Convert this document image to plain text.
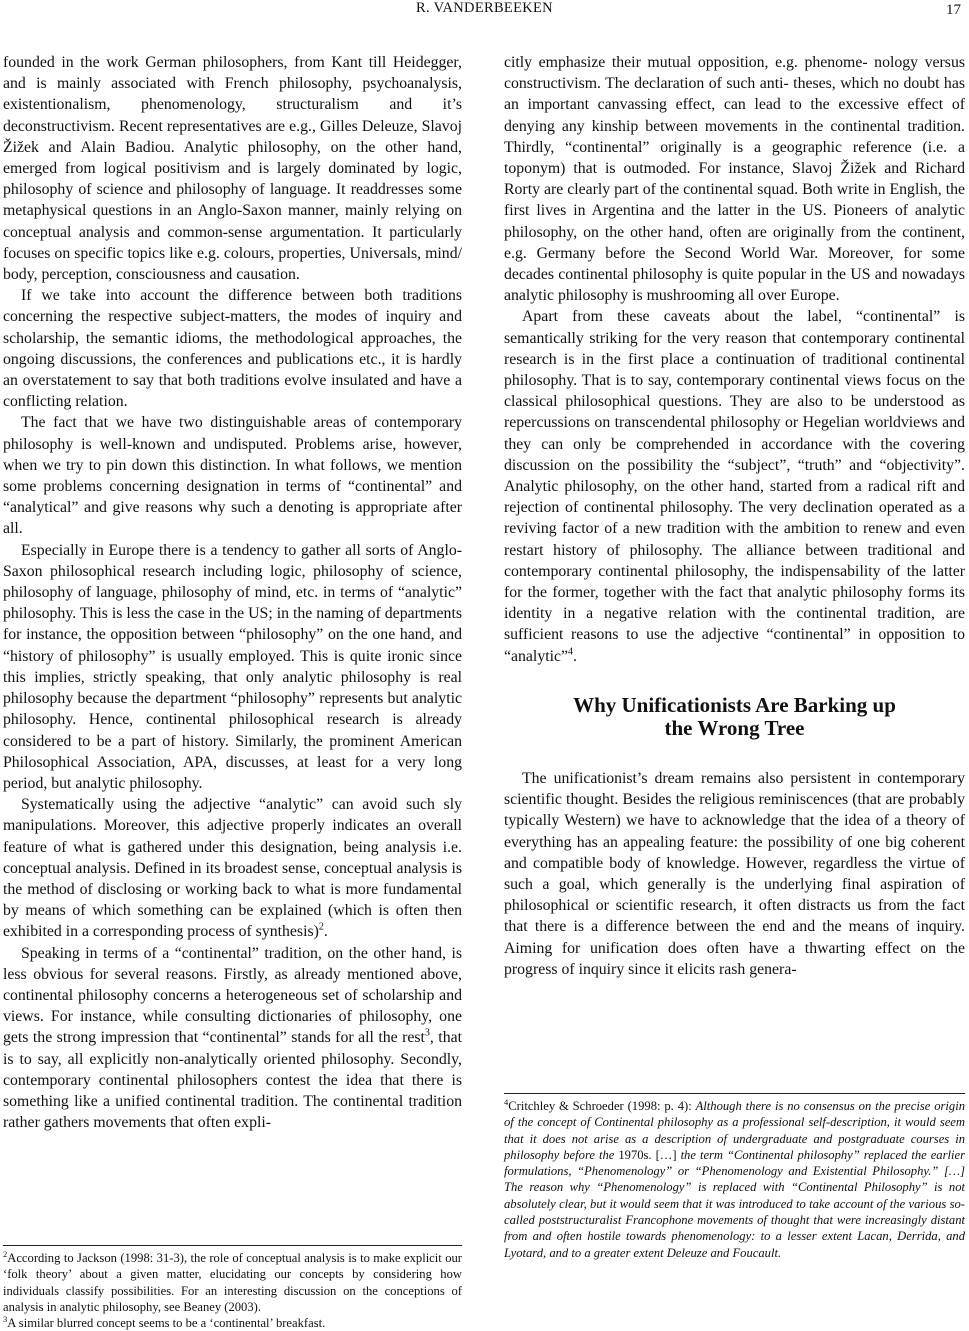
R. VANDERBEEKEN	17

founded in the work German philosophers, from Kant till Heidegger, and is mainly associated with French philosophy, psychoanalysis, existentionalism, phenomenology, structuralism and it’s deconstructivism. Recent representatives are e.g., Gilles Deleuze, Slavoj Žižek and Alain Badiou. Analytic philosophy, on the other hand, emerged from logical positivism and is largely dominated by logic, philosophy of science and philosophy of language. It readdresses some metaphysical questions in an Anglo-Saxon manner, mainly relying on conceptual analysis and common-sense argumentation. It particularly focuses on specific topics like e.g. colours, properties, Universals, mind/ body, perception, consciousness and causation.

If we take into account the difference between both traditions concerning the respective subject-matters, the modes of inquiry and scholarship, the semantic idioms, the methodological approaches, the ongoing discussions, the conferences and publications etc., it is hardly an overstatement to say that both traditions evolve insulated and have a conflicting relation.

The fact that we have two distinguishable areas of contemporary philosophy is well-known and undisputed. Problems arise, however, when we try to pin down this distinction. In what follows, we mention some problems concerning designation in terms of “continental” and “analytical” and give reasons why such a denoting is appropriate after all.

Especially in Europe there is a tendency to gather all sorts of Anglo-Saxon philosophical research including logic, philosophy of science, philosophy of language, philosophy of mind, etc. in terms of “analytic” philosophy. This is less the case in the US; in the naming of departments for instance, the opposition between “philosophy” on the one hand, and “history of philosophy” is usually employed. This is quite ironic since this implies, strictly speaking, that only analytic philosophy is real philosophy because the department “philosophy” represents but analytic philosophy. Hence, continental philosophical research is already considered to be a part of history. Similarly, the prominent American Philosophical Association, APA, discusses, at least for a very long period, but analytic philosophy.

Systematically using the adjective “analytic” can avoid such sly manipulations. Moreover, this adjective properly indicates an overall feature of what is gathered under this designation, being analysis i.e. conceptual analysis. Defined in its broadest sense, conceptual analysis is the method of disclosing or working back to what is more fundamental by means of which something can be explained (which is often then exhibited in a corresponding process of synthesis)$^2$.

Speaking in terms of a “continental” tradition, on the other hand, is less obvious for several reasons. Firstly, as already mentioned above, continental philosophy concerns a heterogeneous set of scholarship and views. For instance, while consulting dictionaries of philosophy, one gets the strong impression that “continental” stands for all the rest$^3$, that is to say, all explicitly non-analytically oriented philosophy. Secondly, contemporary continental philosophers contest the idea that there is something like a unified continental tradition. The continental tradition rather gathers movements that often expli-

citly emphasize their mutual opposition, e.g. phenome- nology versus constructivism. The declaration of such anti- theses, which no doubt has an important canvassing effect, can lead to the excessive effect of denying any kinship between movements in the continental tradition. Thirdly, “continental” originally is a geographic reference (i.e. a toponym) that is outmoded. For instance, Slavoj Žižek and Richard Rorty are clearly part of the continental squad. Both write in English, the first lives in Argentina and the latter in the US. Pioneers of analytic philosophy, on the other hand, often are originally from the continent, e.g. Germany before the Second World War. Moreover, for some decades continental philosophy is quite popular in the US and nowadays analytic philosophy is mushrooming all over Europe.

Apart from these caveats about the label, “continental” is semantically striking for the very reason that contemporary continental research is in the first place a continuation of traditional continental philosophy. That is to say, contemporary continental views focus on the classical philosophical questions. They are also to be understood as repercussions on transcendental philosophy or Hegelian worldviews and they can only be comprehended in accordance with the covering discussion on the possibility the “subject”, “truth” and “objectivity”. Analytic philosophy, on the other hand, started from a radical rift and rejection of continental philosophy. The very declination operated as a reviving factor of a new tradition with the ambition to renew and even restart history of philosophy. The alliance between traditional and contemporary continental philosophy, the indispensability of the latter for the former, together with the fact that analytic philosophy forms its identity in a negative relation with the continental tradition, are sufficient reasons to use the adjective “continental” in opposition to “analytic”$^4$.

Why Unificationists Are Barking up
the Wrong Tree

The unificationist’s dream remains also persistent in contemporary scientific thought. Besides the religious reminiscences (that are probably typically Western) we have to acknowledge that the idea of a theory of everything has an appealing feature: the possibility of one big coherent and compatible body of knowledge. However, regardless the virtue of such a goal, which generally is the underlying final aspiration of philosophical or scientific research, it often distracts us from the fact that there is a difference between the end and the means of inquiry. Aiming for unification does often have a thwarting effect on the progress of inquiry since it elicits rash genera-

$^2$According to Jackson (1998: 31-3), the role of conceptual analysis is to make explicit our ‘folk theory’ about a given matter, elucidating our concepts by considering how individuals classify possibilities. For an interesting discussion on the conceptions of analysis in analytic philosophy, see Beaney (2003).

$^3$A similar blurred concept seems to be a ‘continental’ breakfast.

$^4$Critchley & Schroeder (1998: p. 4): Although there is no consensus on the precise origin of the concept of Continental philosophy as a professional self-description, it would seem that it does not arise as a description of undergraduate and postgraduate courses in philosophy before the 1970s. […] the term “Continental philosophy” replaced the earlier formulations, “Phenomenology” or “Phenomenology and Existential Philosophy.” […] The reason why “Phenomenology” is replaced with “Continental Philosophy” is not absolutely clear, but it would seem that it was introduced to take account of the various so-called poststructuralist Francophone movements of thought that were increasingly distant from and often hostile towards phenomenology: to a lesser extent Lacan, Derrida, and Lyotard, and to a greater extent Deleuze and Foucault.
